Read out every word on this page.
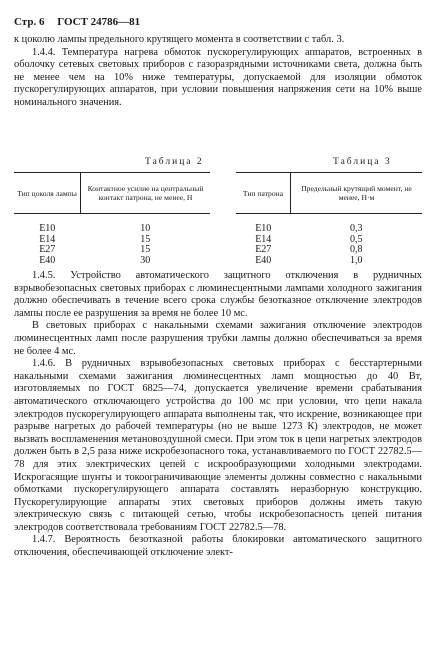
Стр. 6 ГОСТ 24786—81

к цоколю лампы предельного крутящего момента в соответствии с табл. 3.

1.4.4. Температура нагрева обмоток пускорегулирующих аппаратов, встроенных в оболочку сетевых световых приборов с газоразрядными источниками света, должна быть не менее чем на 10% ниже температуры, допускаемой для изоляции обмоток пускорегулирующих аппаратов, при условии повышения напряжения сети на 10% выше номинального значения.

Таблица 2	Таблица 3
Тип цоколя лампы	Контактное усилие на центральный контакт патрона, не менее, Н
E10	10
E14	15
E27	15
E40	30
Тип патрона	Предельный крутящий момент, не менее, Н·м
E10	0,3
E14	0,5
E27	0,8
E40	1,0

1.4.5. Устройство автоматического защитного отключения в рудничных взрывобезопасных световых приборах с люминесцентными лампами холодного зажигания должно обеспечивать в течение всего срока службы безотказное отключение электродов лампы после ее разрушения за время не более 10 мс.

В световых приборах с накальными схемами зажигания отключение электродов люминесцентных ламп после разрушения трубки лампы должно обеспечиваться за время не более 4 мс.

1.4.6. В рудничных взрывобезопасных световых приборах с бесстартерными накальными схемами зажигания люминесцентных ламп мощностью до 40 Вт, изготовляемых по ГОСТ 6825—74, допускается увеличение времени срабатывания автоматического отключающего устройства до 100 мс при условии, что цепи накала электродов пускорегулирующего аппарата выполнены так, что искрение, возникающее при разрыве нагретых до рабочей температуры (но не выше 1273 К) электродов, не может вызвать воспламенения метановоздушной смеси. При этом ток в цепи нагретых электродов должен быть в 2,5 раза ниже искробезопасного тока, устанавливаемого по ГОСТ 22782.5—78 для этих электрических цепей с искрообразующими холодными электродами. Искрогасящие шунты и токоограничивающие элементы должны совместно с накальными обмотками пускорегулирующего аппарата составлять неразборную конструкцию. Пускорегулирующие аппараты этих световых приборов должны иметь такую электрическую связь с питающей сетью, чтобы искробезопасность цепей питания электродов соответствовала требованиям ГОСТ 22782.5—78.

1.4.7. Вероятность безотказной работы блокировки автоматического защитного отключения, обеспечивающей отключение элект-
